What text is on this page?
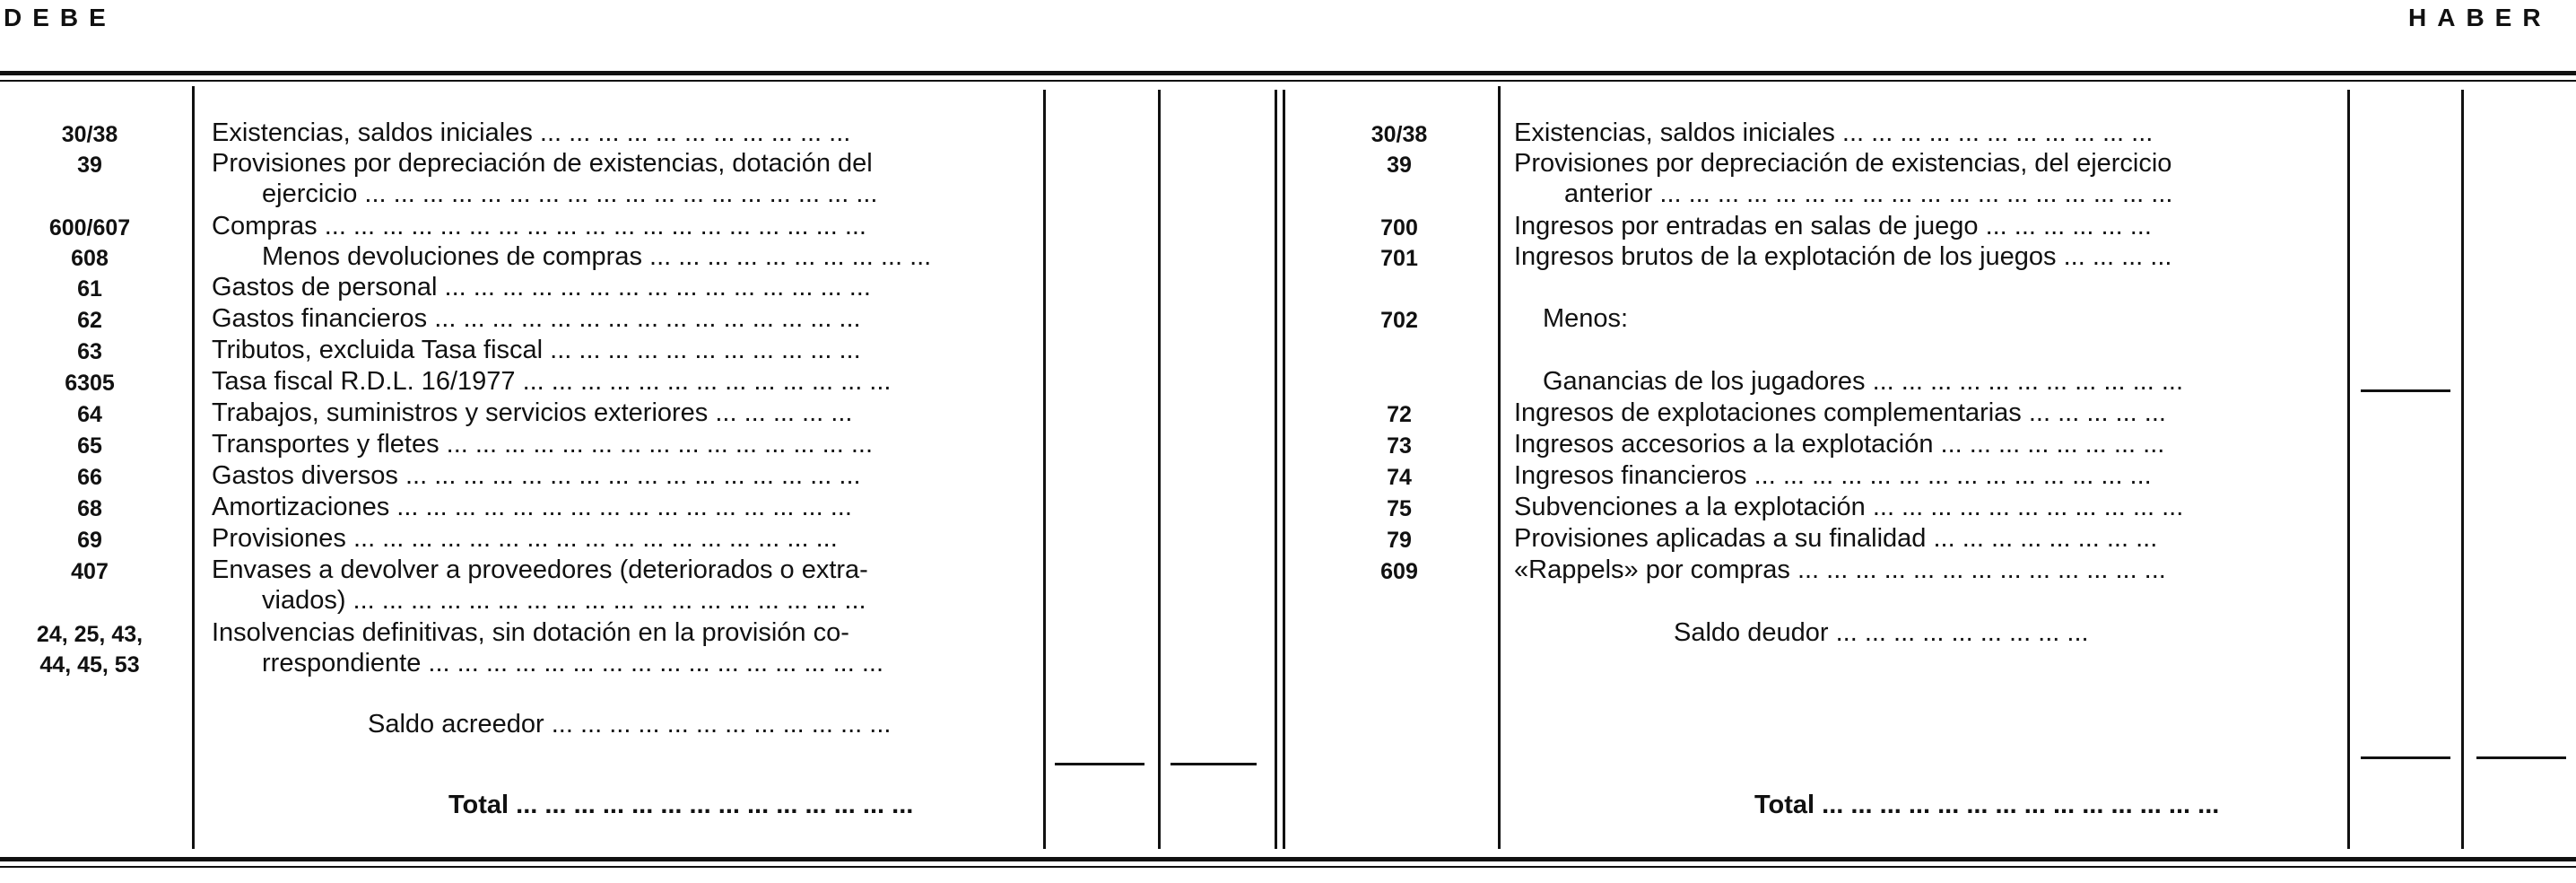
DEBE	HABER
30/38
39
600/607
608
61
62
63
6305
64
65
66
68
69
407
24, 25, 43,
44, 45, 53
Existencias, saldos iniciales ... ... ... ... ... ... ... ... ... ... ...
Provisiones por depreciación de existencias, dotación del
ejercicio ... ... ... ... ... ... ... ... ... ... ... ... ... ... ... ... ... ...
Compras ... ... ... ... ... ... ... ... ... ... ... ... ... ... ... ... ... ... ...
Menos devoluciones de compras ... ... ... ... ... ... ... ... ... ...
Gastos de personal ... ... ... ... ... ... ... ... ... ... ... ... ... ... ...
Gastos financieros ... ... ... ... ... ... ... ... ... ... ... ... ... ... ...
Tributos, excluida Tasa fiscal ... ... ... ... ... ... ... ... ... ... ...
Tasa fiscal R.D.L. 16/1977 ... ... ... ... ... ... ... ... ... ... ... ... ...
Trabajos, suministros y servicios exteriores ... ... ... ... ...
Transportes y fletes ... ... ... ... ... ... ... ... ... ... ... ... ... ... ...
Gastos diversos ... ... ... ... ... ... ... ... ... ... ... ... ... ... ... ...
Amortizaciones ... ... ... ... ... ... ... ... ... ... ... ... ... ... ... ...
Provisiones ... ... ... ... ... ... ... ... ... ... ... ... ... ... ... ... ...
Envases a devolver a proveedores (deteriorados o extra-
viados) ... ... ... ... ... ... ... ... ... ... ... ... ... ... ... ... ... ...
Insolvencias definitivas, sin dotación en la provisión co-
rrespondiente ... ... ... ... ... ... ... ... ... ... ... ... ... ... ... ...
Saldo acreedor ... ... ... ... ... ... ... ... ... ... ... ...
Total ... ... ... ... ... ... ... ... ... ... ... ... ... ...
30/38
39
700
701
702
72
73
74
75
79
609
Existencias, saldos iniciales ... ... ... ... ... ... ... ... ... ... ...
Provisiones por depreciación de existencias, del ejercicio
anterior ... ... ... ... ... ... ... ... ... ... ... ... ... ... ... ... ... ...
Ingresos por entradas en salas de juego ... ... ... ... ... ...
Ingresos brutos de la explotación de los juegos ... ... ... ...
Menos:
Ganancias de los jugadores ... ... ... ... ... ... ... ... ... ... ...
Ingresos de explotaciones complementarias ... ... ... ... ...
Ingresos accesorios a la explotación ... ... ... ... ... ... ... ...
Ingresos financieros ... ... ... ... ... ... ... ... ... ... ... ... ... ...
Subvenciones a la explotación ... ... ... ... ... ... ... ... ... ... ...
Provisiones aplicadas a su finalidad ... ... ... ... ... ... ... ...
«Rappels» por compras ... ... ... ... ... ... ... ... ... ... ... ... ...
Saldo deudor ... ... ... ... ... ... ... ... ...
Total ... ... ... ... ... ... ... ... ... ... ... ... ... ...
